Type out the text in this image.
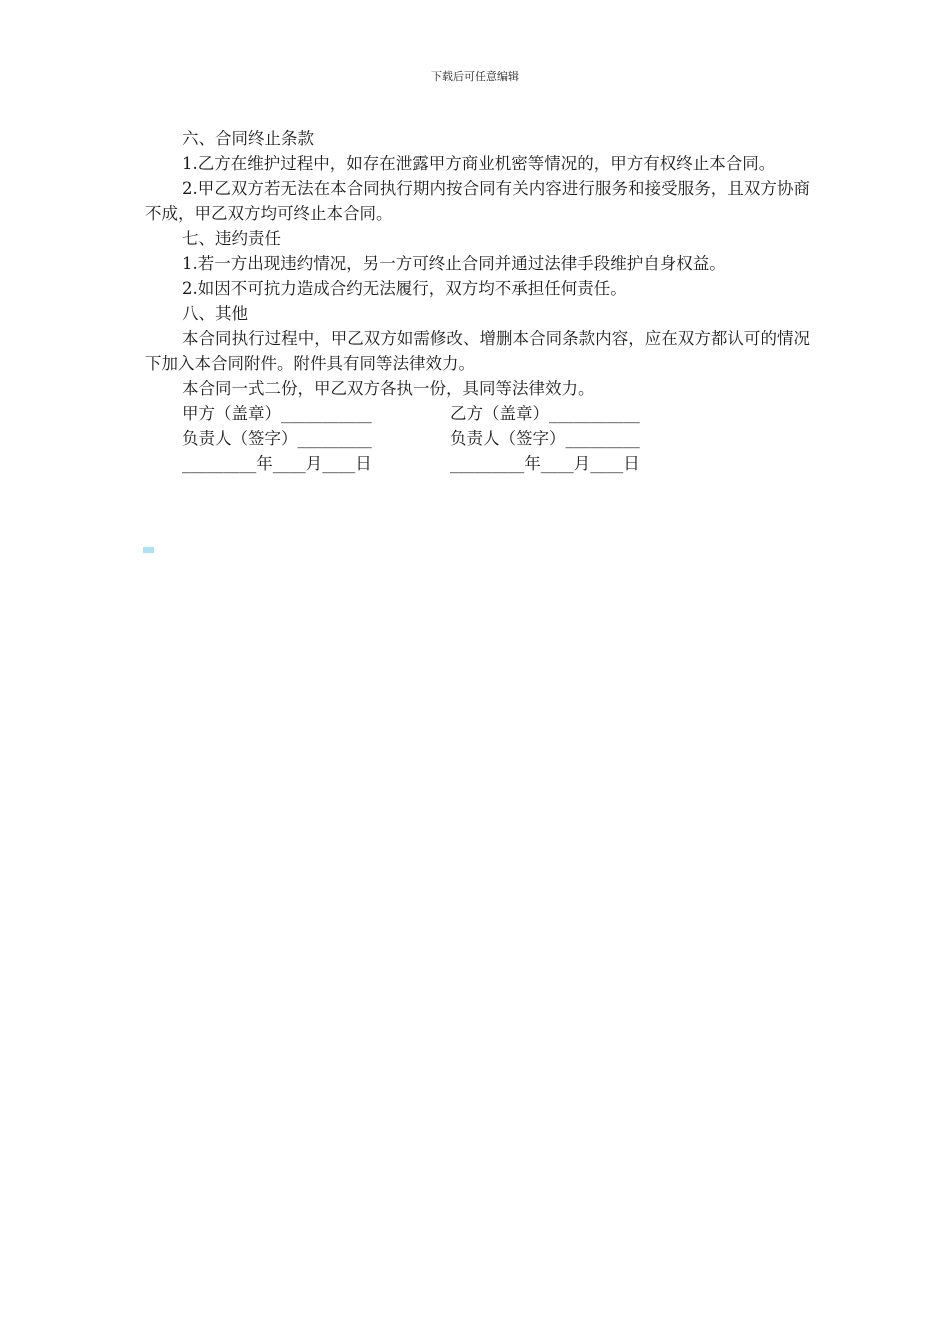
下载后可任意编辑

六、合同终止条款

1.乙方在维护过程中，如存在泄露甲方商业机密等情况的，甲方有权终止本合同。

2.甲乙双方若无法在本合同执行期内按合同有关内容进行服务和接受服务，且双方协商不成，甲乙双方均可终止本合同。

七、违约责任

1.若一方出现违约情况，另一方可终止合同并通过法律手段维护自身权益。

2.如因不可抗力造成合约无法履行，双方均不承担任何责任。

八、其他

本合同执行过程中，甲乙双方如需修改、增删本合同条款内容，应在双方都认可的情况下加入本合同附件。附件具有同等法律效力。

本合同一式二份，甲乙双方各执一份，具同等法律效力。

甲方（盖章）___________	乙方（盖章）___________
负责人（签字）_________	负责人（签字）_________
_________年____月____日	_________年____月____日
